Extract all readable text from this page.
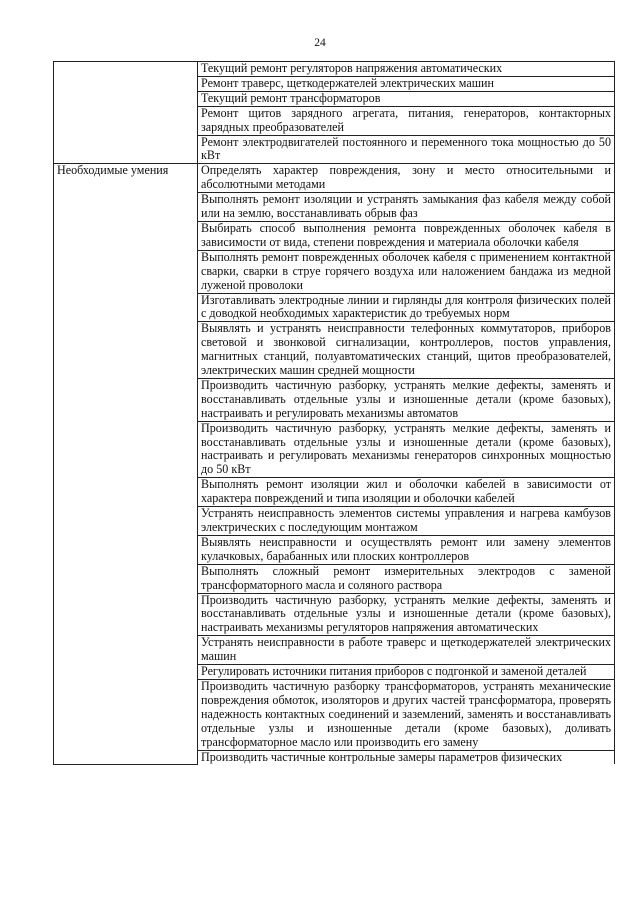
24
	Текущий ремонт регуляторов напряжения автоматических
	Ремонт траверс, щеткодержателей электрических машин
	Текущий ремонт трансформаторов
	Ремонт щитов зарядного агрегата, питания, генераторов, контакторных зарядных преобразователей
	Ремонт электродвигателей постоянного и переменного тока мощностью до 50 кВт
Необходимые умения	Определять характер повреждения, зону и место относительными и абсолютными методами
	Выполнять ремонт изоляции и устранять замыкания фаз кабеля между собой или на землю, восстанавливать обрыв фаз
	Выбирать способ выполнения ремонта поврежденных оболочек кабеля в зависимости от вида, степени повреждения и материала оболочки кабеля
	Выполнять ремонт поврежденных оболочек кабеля с применением контактной сварки, сварки в струе горячего воздуха или наложением бандажа из медной луженой проволоки
	Изготавливать электродные линии и гирлянды для контроля физических полей с доводкой необходимых характеристик до требуемых норм
	Выявлять и устранять неисправности телефонных коммутаторов, приборов световой и звонковой сигнализации, контроллеров, постов управления, магнитных станций, полуавтоматических станций, щитов преобразователей, электрических машин средней мощности
	Производить частичную разборку, устранять мелкие дефекты, заменять и восстанавливать отдельные узлы и изношенные детали (кроме базовых), настраивать и регулировать механизмы автоматов
	Производить частичную разборку, устранять мелкие дефекты, заменять и восстанавливать отдельные узлы и изношенные детали (кроме базовых), настраивать и регулировать механизмы генераторов синхронных мощностью до 50 кВт
	Выполнять ремонт изоляции жил и оболочки кабелей в зависимости от характера повреждений и типа изоляции и оболочки кабелей
	Устранять неисправность элементов системы управления и нагрева камбузов электрических с последующим монтажом
	Выявлять неисправности и осуществлять ремонт или замену элементов кулачковых, барабанных или плоских контроллеров
	Выполнять сложный ремонт измерительных электродов с заменой трансформаторного масла и соляного раствора
	Производить частичную разборку, устранять мелкие дефекты, заменять и восстанавливать отдельные узлы и изношенные детали (кроме базовых), настраивать механизмы регуляторов напряжения автоматических
	Устранять неисправности в работе траверс и щеткодержателей электрических машин
	Регулировать источники питания приборов с подгонкой и заменой деталей
	Производить частичную разборку трансформаторов, устранять механические повреждения обмоток, изоляторов и других частей трансформатора, проверять надежность контактных соединений и заземлений, заменять и восстанавливать отдельные узлы и изношенные детали (кроме базовых), доливать трансформаторное масло или производить его замену
	Производить частичные контрольные замеры параметров физических
